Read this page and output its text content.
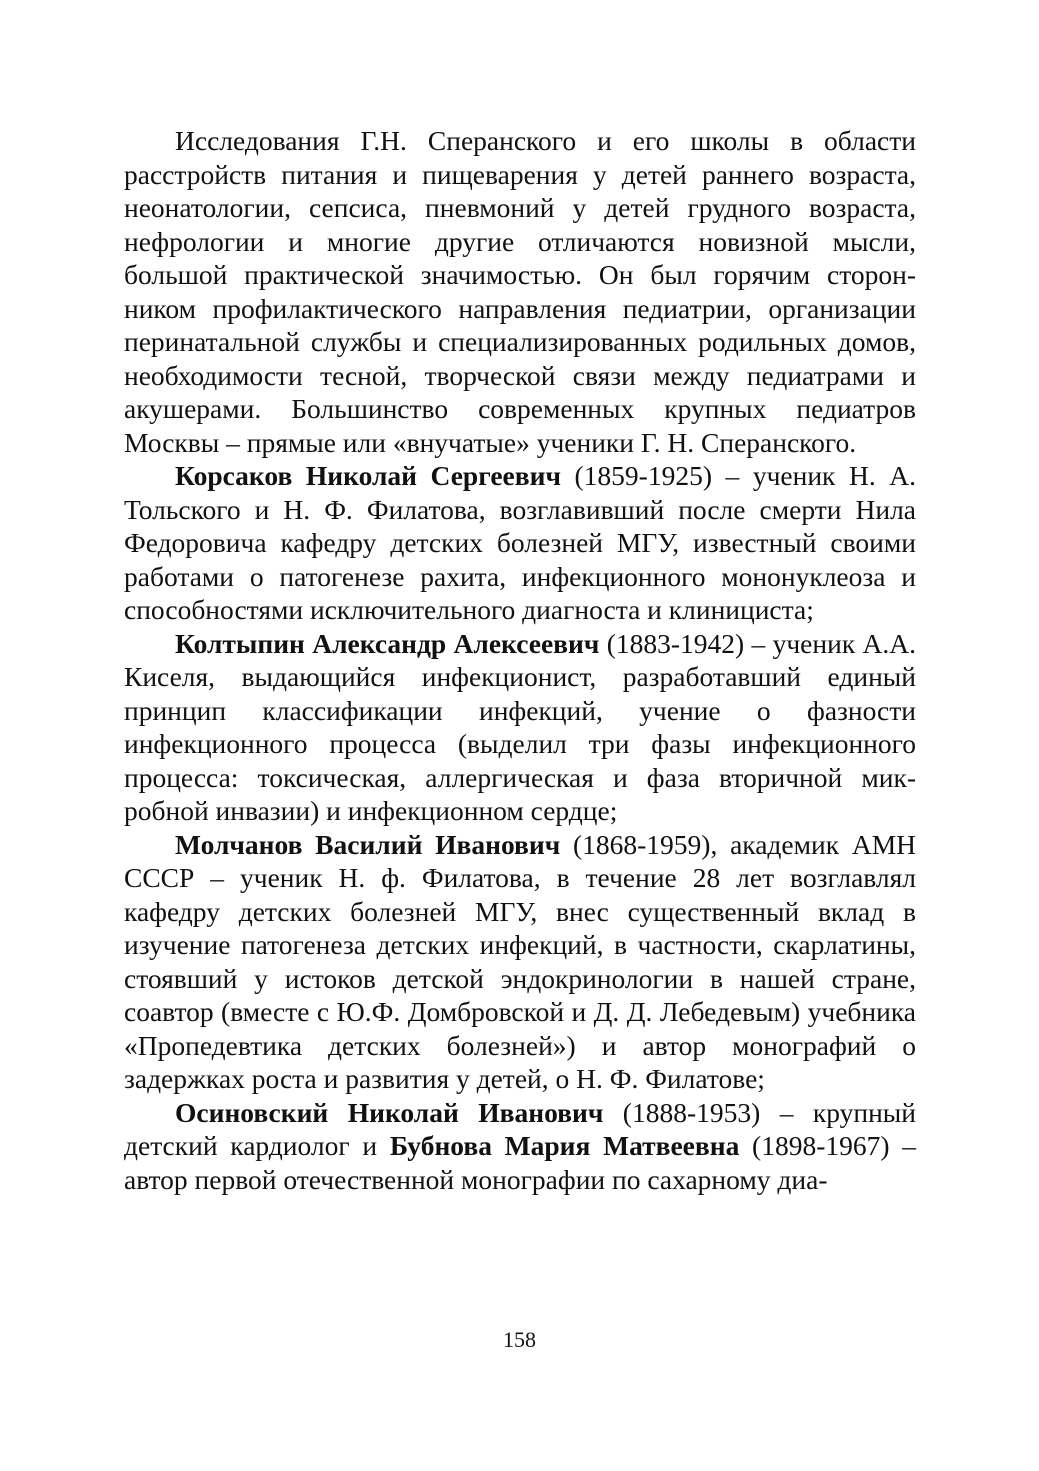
Исследования Г.Н. Сперанского и его школы в области расстройств питания и пищеварения у детей раннего возраста, неонатологии, сепсиса, пневмоний у детей грудного возраста, нефрологии и многие другие отличаются новизной мысли, большой практической значимостью. Он был горячим сторонником профилактического направления педиатрии, организации перинатальной службы и специализированных родильных домов, необходимости тесной, творческой связи между педиатрами и акушерами. Большинство современных крупных педиатров Москвы – прямые или «внучатые» ученики Г. Н. Сперанского.

Корсаков Николай Сергеевич (1859-1925) – ученик Н. А. Тольского и Н. Ф. Филатова, возглавивший после смерти Нила Федоровича кафедру детских болезней МГУ, известный своими работами о патогенезе рахита, инфекционного мононуклеоза и способностями исключительного диагноста и клинициста;

Колтыпин Александр Алексеевич (1883-1942) – ученик А.А. Киселя, выдающийся инфекционист, разработавший единый принцип классификации инфекций, учение о фазности инфекционного процесса (выделил три фазы инфекционного процесса: токсическая, аллергическая и фаза вторичной микробной инвазии) и инфекционном сердце;

Молчанов Василий Иванович (1868-1959), академик АМН СССР – ученик Н. ф. Филатова, в течение 28 лет возглавлял кафедру детских болезней МГУ, внес существенный вклад в изучение патогенеза детских инфекций, в частности, скарлатины, стоявший у истоков детской эндокринологии в нашей стране, соавтор (вместе с Ю.Ф. Домбровской и Д. Д. Лебедевым) учебника «Пропедевтика детских болезней») и автор монографий о задержках роста и развития у детей, о Н. Ф. Филатове;

Осиновский Николай Иванович (1888-1953) – крупный детский кардиолог и Бубнова Мария Матвеевна (1898-1967) – автор первой отечественной монографии по сахарному диа-

158
